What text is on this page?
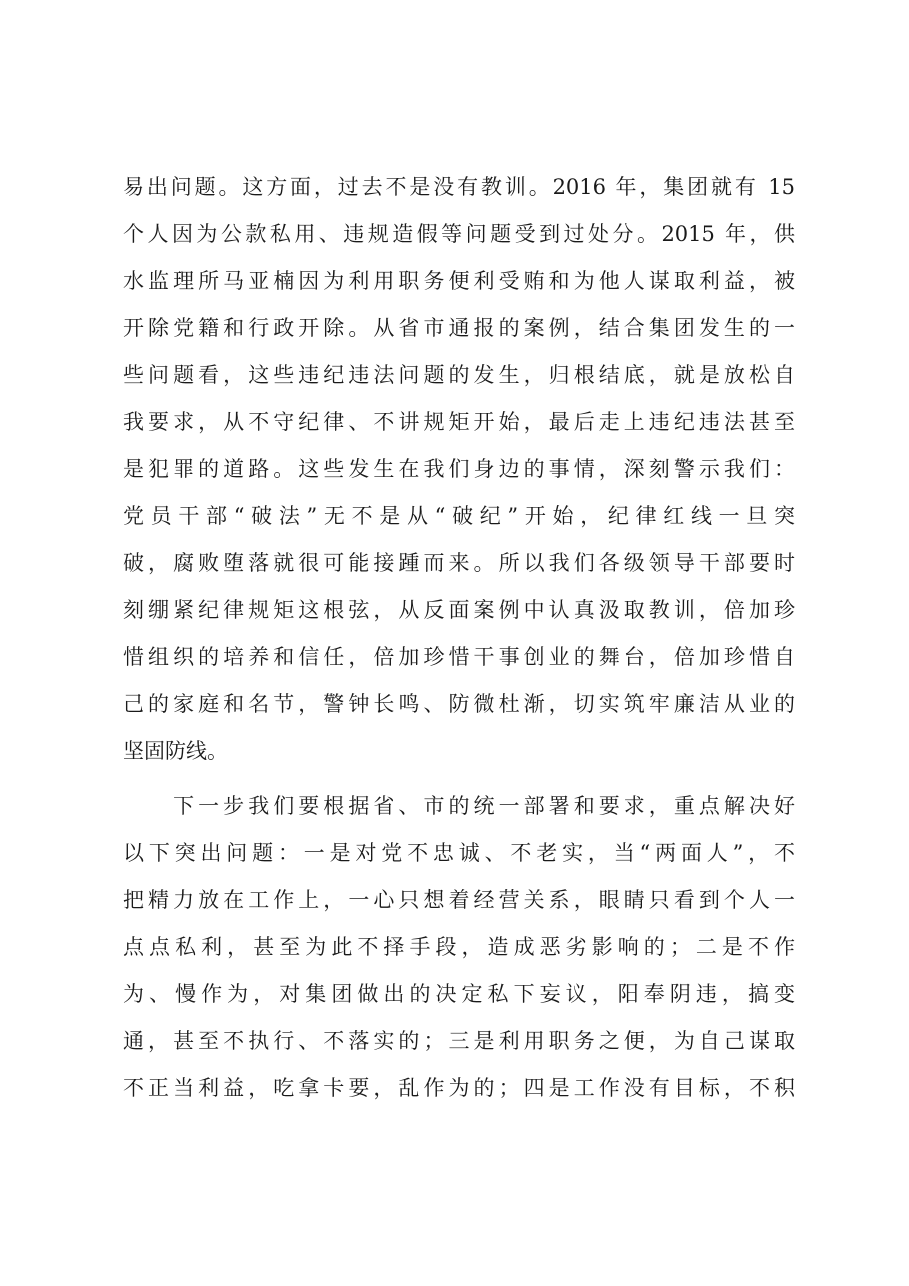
易出问题。这方面，过去不是没有教训。2016 年，集团就有 15
个人因为公款私用、违规造假等问题受到过处分。2015 年，供
水监理所马亚楠因为利用职务便利受贿和为他人谋取利益，被
开除党籍和行政开除。从省市通报的案例，结合集团发生的一
些问题看，这些违纪违法问题的发生，归根结底，就是放松自
我要求，从不守纪律、不讲规矩开始，最后走上违纪违法甚至
是犯罪的道路。这些发生在我们身边的事情，深刻警示我们：
党员干部“破法”无不是从“破纪”开始，纪律红线一旦突
破，腐败堕落就很可能接踵而来。所以我们各级领导干部要时
刻绷紧纪律规矩这根弦，从反面案例中认真汲取教训，倍加珍
惜组织的培养和信任，倍加珍惜干事创业的舞台，倍加珍惜自
己的家庭和名节，警钟长鸣、防微杜渐，切实筑牢廉洁从业的
坚固防线。
　　下一步我们要根据省、市的统一部署和要求，重点解决好
以下突出问题：一是对党不忠诚、不老实，当“两面人”，不
把精力放在工作上，一心只想着经营关系，眼睛只看到个人一
点点私利，甚至为此不择手段，造成恶劣影响的；二是不作
为、慢作为，对集团做出的决定私下妄议，阳奉阴违，搞变
通，甚至不执行、不落实的；三是利用职务之便，为自己谋取
不正当利益，吃拿卡要，乱作为的；四是工作没有目标，不积
